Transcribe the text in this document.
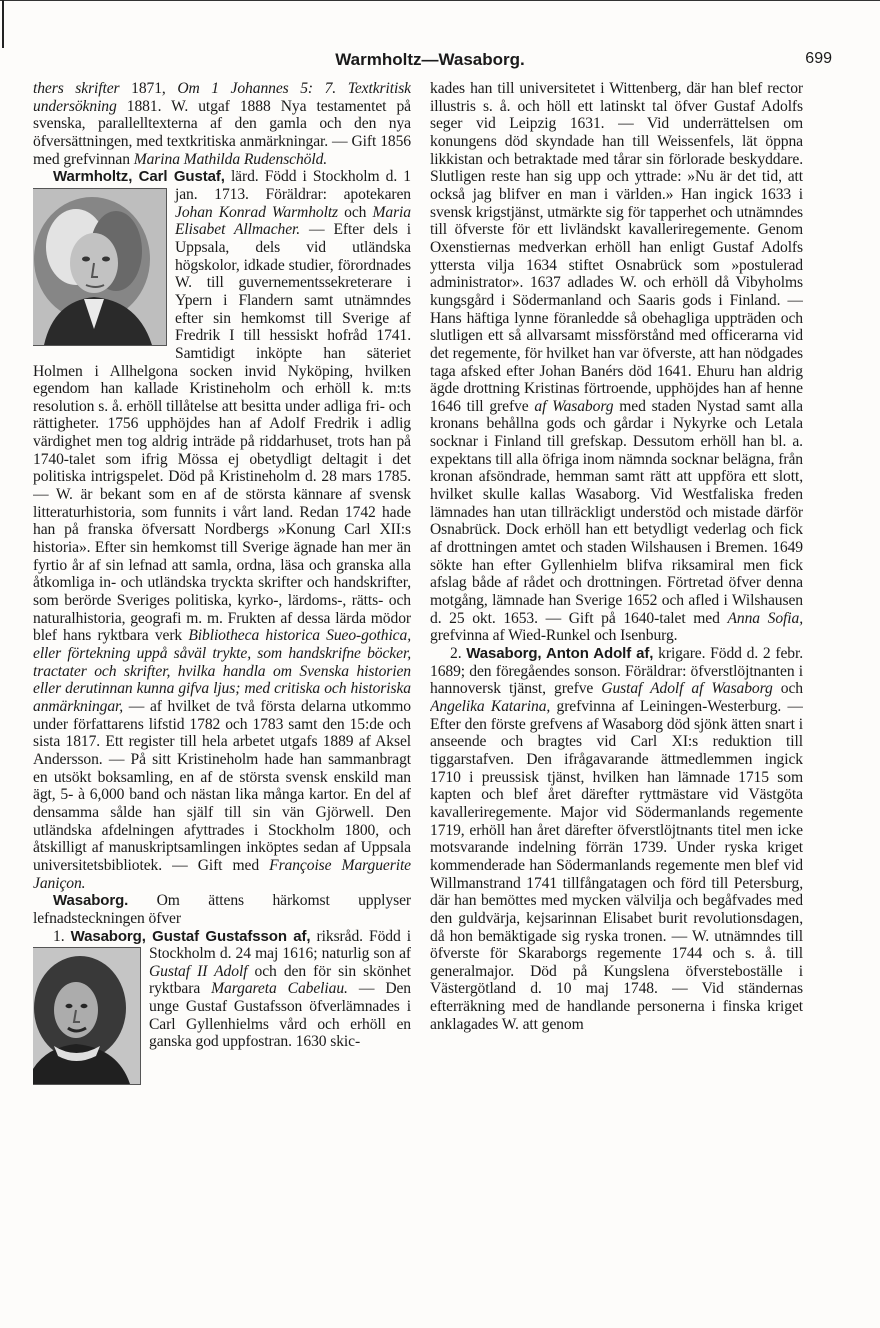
Warmholtz—Wasaborg.	699

thers skrifter 1871, Om 1 Johannes 5: 7. Textkritisk undersökning 1881. W. utgaf 1888 Nya testamentet på svenska, parallelltexterna af den gamla och den nya öfversättningen, med textkritiska anmärkningar. — Gift 1856 med grefvinnan Marina Mathilda Rudenschöld.

Warmholtz, Carl Gustaf, lärd. Född i Stockholm d. 1 jan. 1713. Föräldrar: apotekaren
Johan Konrad Warmholtz och Maria Elisabet Allmacher. — Efter dels i Uppsala, dels vid utländska högskolor, idkade studier, förordnades W. till guvernementssekreterare i Ypern i Flandern samt utnämndes efter sin hemkomst till Sverige af Fredrik I till hessiskt hofråd 1741. Samtidigt inköpte han säteriet Holmen i Allhelgona socken invid Nyköping, hvilken egendom han kallade Kristineholm och erhöll k. m:ts resolution s. å. erhöll tillåtelse att besitta under adliga fri- och rättigheter. 1756 upphöjdes han af Adolf Fredrik i adlig värdighet men tog aldrig inträde på riddarhuset, trots han på 1740-talet som ifrig Mössa ej obetydligt deltagit i det politiska intrigspelet. Död på Kristineholm d. 28 mars 1785. — W. är bekant som en af de största kännare af svensk litteraturhistoria, som funnits i vårt land. Redan 1742 hade han på franska öfversatt Nordbergs »Konung Carl XII:s historia». Efter sin hemkomst till Sverige ägnade han mer än fyrtio år af sin lefnad att samla, ordna, läsa och granska alla åtkomliga in- och utländska tryckta skrifter och handskrifter, som berörde Sveriges politiska, kyrko-, lärdoms-, rätts- och naturalhistoria, geografi m. m. Frukten af dessa lärda mödor blef hans ryktbara verk Bibliotheca historica Sueo-gothica, eller förtekning uppå såväl trykte, som handskrifne böcker, tractater och skrifter, hvilka handla om Svenska historien eller derutinnan kunna gifva ljus; med critiska och historiska anmärkningar, — af hvilket de två första delarna utkommo under författarens lifstid 1782 och 1783 samt den 15:de och sista 1817. Ett register till hela arbetet utgafs 1889 af Aksel Andersson. — På sitt Kristineholm hade han sammanbragt en utsökt boksamling, en af de största svensk enskild man ägt, 5- à 6,000 band och nästan lika många kartor. En del af densamma sålde han själf till sin vän Gjörwell. Den utländska afdelningen afyttrades i Stockholm 1800, och åtskilligt af manuskriptsamlingen inköptes sedan af Uppsala universitetsbibliotek. — Gift med Françoise Marguerite Janiçon.

Wasaborg. Om ättens härkomst upplyser lefnadsteckningen öfver

1. Wasaborg, Gustaf Gustafsson af,
riksråd. Född i Stockholm d. 24 maj 1616; naturlig son af Gustaf II Adolf och den för sin skönhet ryktbara Margareta Cabeliau. — Den unge Gustaf Gustafsson öfverlämnades i Carl Gyllenhielms vård och erhöll en ganska god uppfostran. 1630 skic-

kades han till universitetet i Wittenberg, där han blef rector illustris s. å. och höll ett latinskt tal öfver Gustaf Adolfs seger vid Leipzig 1631. — Vid underrättelsen om konungens död skyndade han till Weissenfels, lät öppna likkistan och betraktade med tårar sin förlorade beskyddare. Slutligen reste han sig upp och yttrade: »Nu är det tid, att också jag blifver en man i världen.» Han ingick 1633 i svensk krigstjänst, utmärkte sig för tapperhet och utnämndes till öfverste för ett livländskt kavalleriregemente. Genom Oxenstiernas medverkan erhöll han enligt Gustaf Adolfs yttersta vilja 1634 stiftet Osnabrück som »postulerad administrator». 1637 adlades W. och erhöll då Vibyholms kungsgård i Södermanland och Saaris gods i Finland. — Hans häftiga lynne föranledde så obehagliga uppträden och slutligen ett så allvarsamt missförstånd med officerarna vid det regemente, för hvilket han var öfverste, att han nödgades taga afsked efter Johan Banérs död 1641. Ehuru han aldrig ägde drottning Kristinas förtroende, upphöjdes han af henne 1646 till grefve af Wasaborg med staden Nystad samt alla kronans behållna gods och gårdar i Nykyrke och Letala socknar i Finland till grefskap. Dessutom erhöll han bl. a. expektans till alla öfriga inom nämnda socknar belägna, från kronan afsöndrade, hemman samt rätt att uppföra ett slott, hvilket skulle kallas Wasaborg. Vid Westfaliska freden lämnades han utan tillräckligt understöd och mistade därför Osnabrück. Dock erhöll han ett betydligt vederlag och fick af drottningen amtet och staden Wilshausen i Bremen. 1649 sökte han efter Gyllenhielm blifva riksamiral men fick afslag både af rådet och drottningen. Förtretad öfver denna motgång, lämnade han Sverige 1652 och afled i Wilshausen d. 25 okt. 1653. — Gift på 1640-talet med Anna Sofia, grefvinna af Wied-Runkel och Isenburg.

2. Wasaborg, Anton Adolf af, krigare. Född d. 2 febr. 1689; den föregåendes sonson. Föräldrar: öfverstlöjtnanten i hannoversk tjänst, grefve Gustaf Adolf af Wasaborg och Angelika Katarina, grefvinna af Leiningen-Westerburg. — Efter den förste grefvens af Wasaborg död sjönk ätten snart i anseende och bragtes vid Carl XI:s reduktion till tiggarstafven. Den ifrågavarande ättmedlemmen ingick 1710 i preussisk tjänst, hvilken han lämnade 1715 som kapten och blef året därefter ryttmästare vid Västgöta kavalleriregemente. Major vid Södermanlands regemente 1719, erhöll han året därefter öfverstlöjtnants titel men icke motsvarande indelning förrän 1739. Under ryska kriget kommenderade han Södermanlands regemente men blef vid Willmanstrand 1741 tillfångatagen och förd till Petersburg, där han bemöttes med mycken välvilja och begåfvades med den guldvärja, kejsarinnan Elisabet burit revolutionsdagen, då hon bemäktigade sig ryska tronen. — W. utnämndes till öfverste för Skaraborgs regemente 1744 och s. å. till generalmajor. Död på Kungslena öfversteboställe i Västergötland d. 10 maj 1748. — Vid ständernas efterräkning med de handlande personerna i finska kriget anklagades W. att genom
